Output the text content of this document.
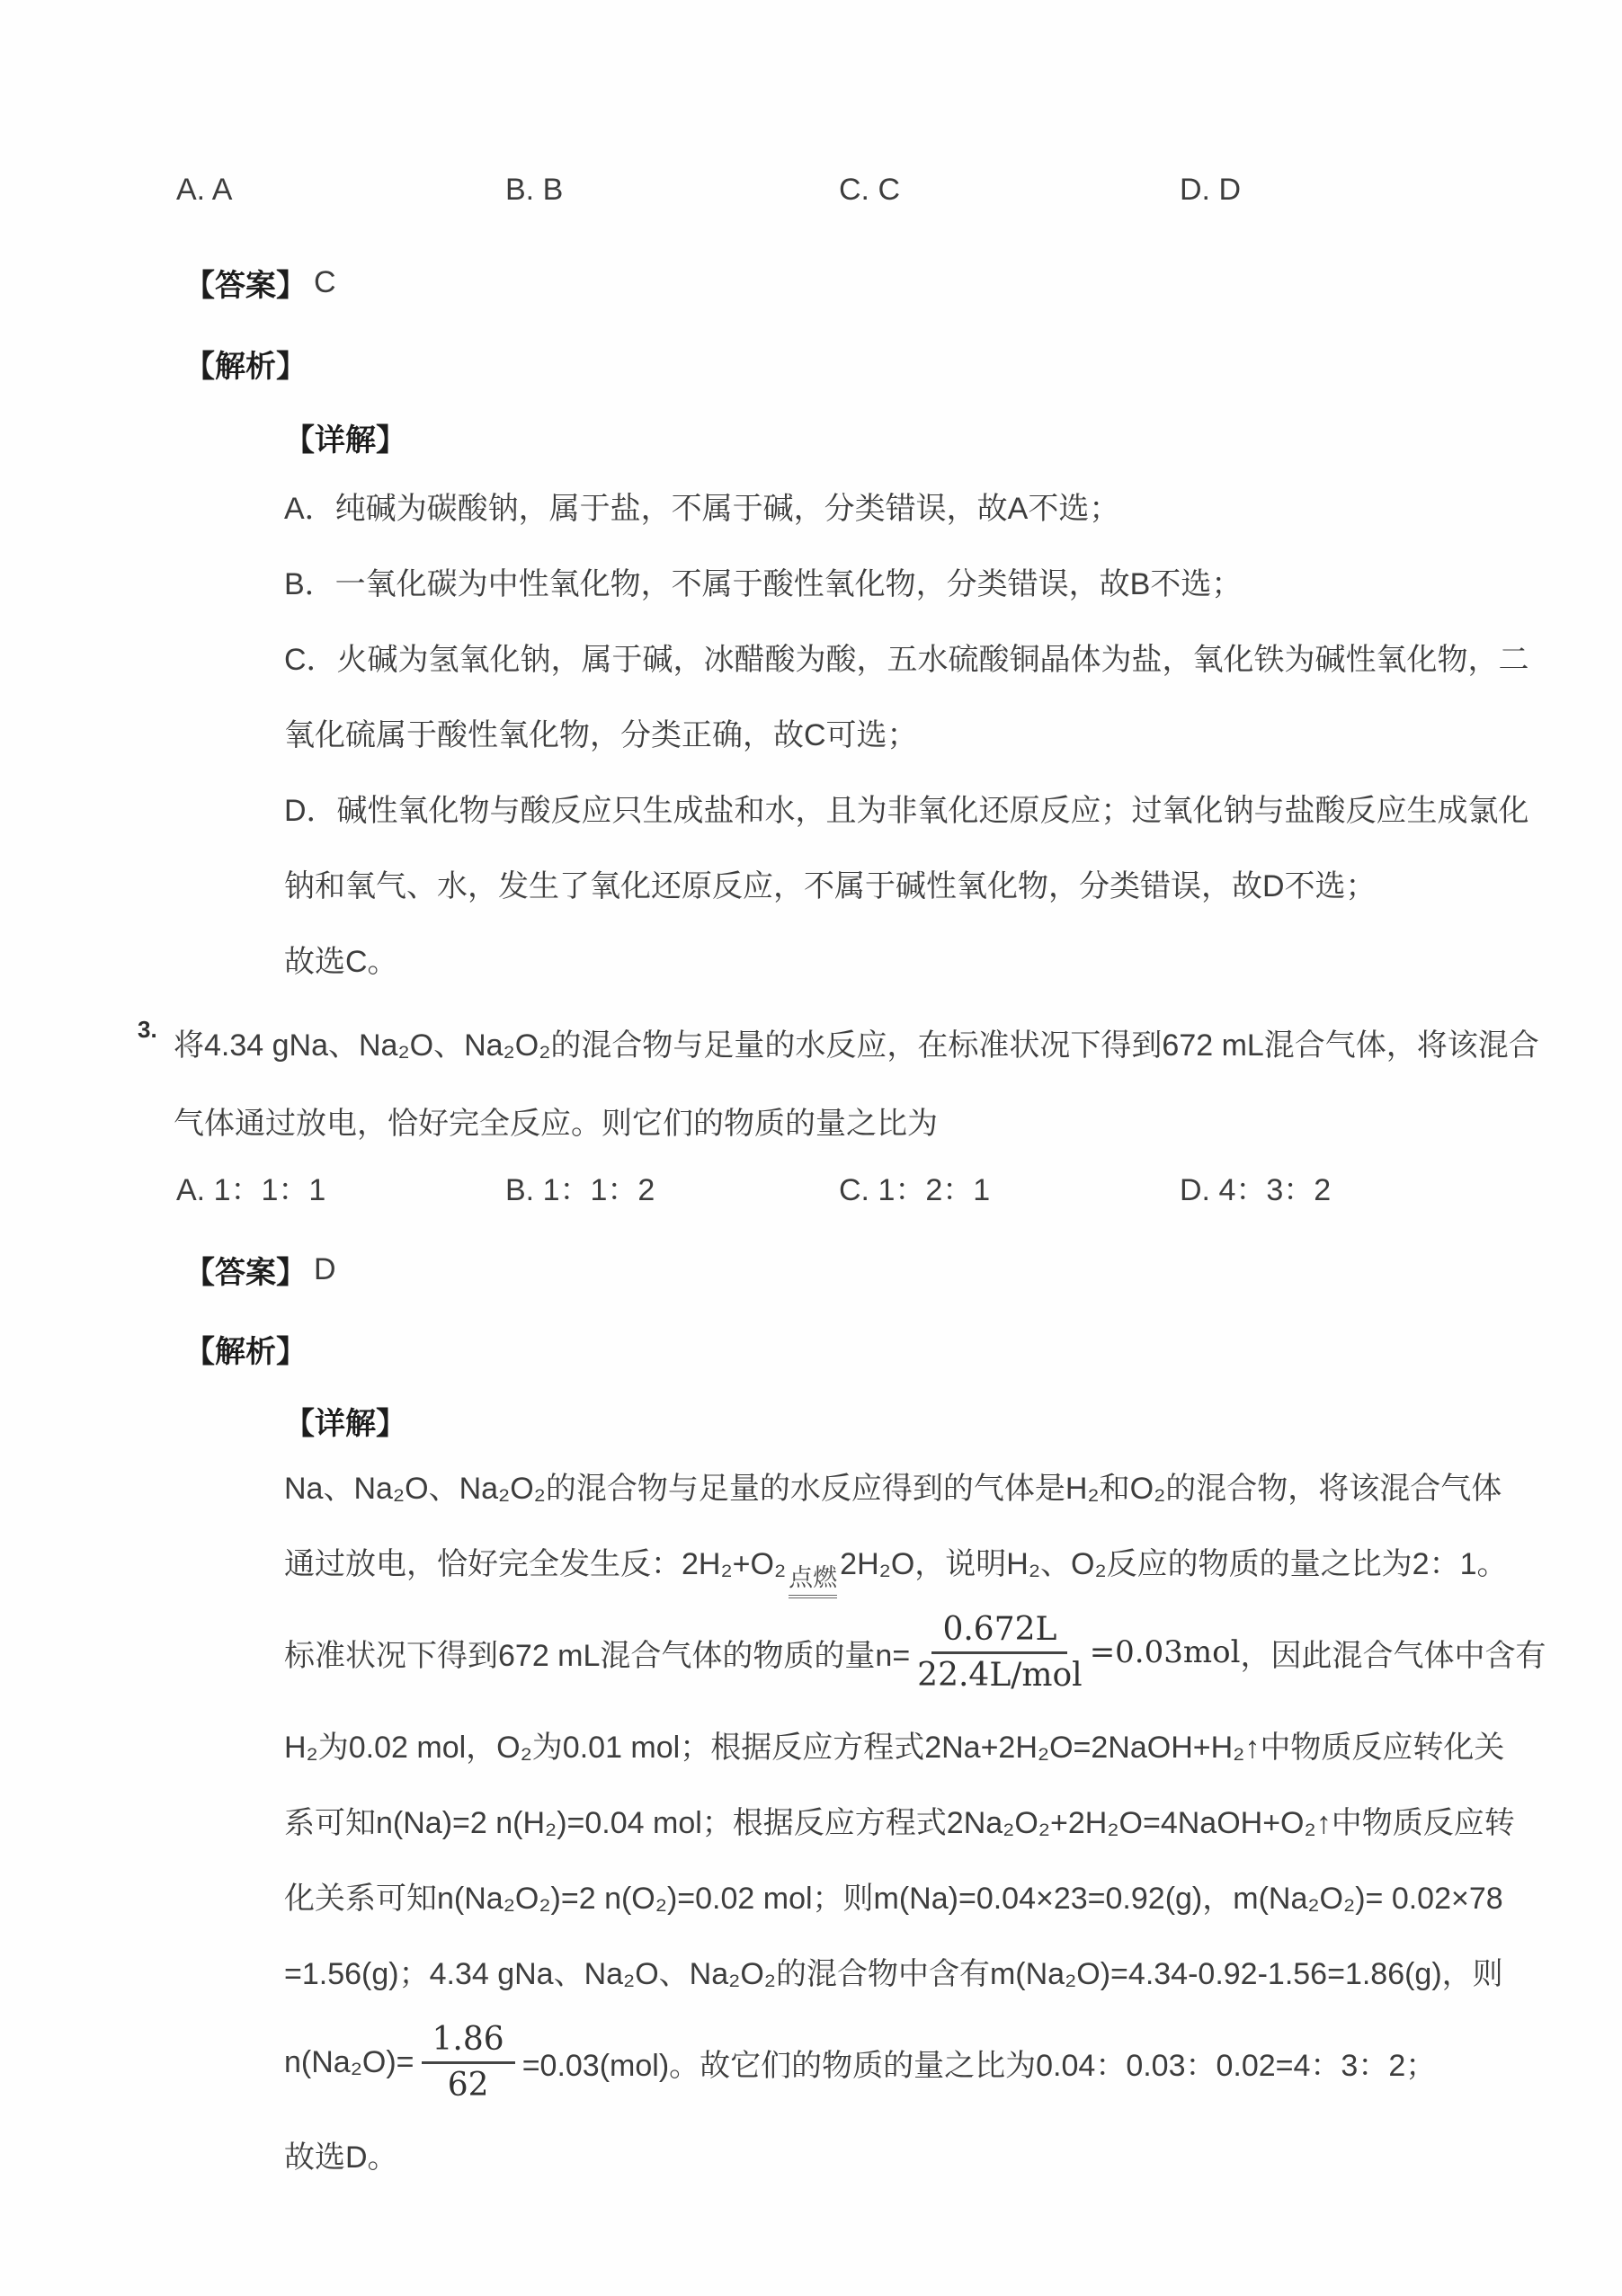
A. A	B. B	C. C	D. D
【答案】 C
【解析】
【详解】
A．纯碱为碳酸钠，属于盐，不属于碱，分类错误，故A不选；
B．一氧化碳为中性氧化物，不属于酸性氧化物，分类错误，故B不选；
C．火碱为氢氧化钠，属于碱，冰醋酸为酸，五水硫酸铜晶体为盐，氧化铁为碱性氧化物，二
氧化硫属于酸性氧化物，分类正确，故C可选；
D．碱性氧化物与酸反应只生成盐和水，且为非氧化还原反应；过氧化钠与盐酸反应生成氯化
钠和氧气、水，发生了氧化还原反应，不属于碱性氧化物，分类错误，故D不选；
故选C。
3. 将4.34 gNa、Na₂O、Na₂O₂的混合物与足量的水反应，在标准状况下得到672 mL混合气体，将该混合
气体通过放电，恰好完全反应。则它们的物质的量之比为
A. 1：1：1	B. 1：1：2	C. 1：2：1	D. 4：3：2
【答案】 D
【解析】
【详解】
Na、Na₂O、Na₂O₂的混合物与足量的水反应得到的气体是H₂和O₂的混合物，将该混合气体
通过放电，恰好完全发生反：2H₂+O₂ 点燃 2H₂O，说明H₂、O₂反应的物质的量之比为2：1。
标准状况下得到672 mL混合气体的物质的量$n= \frac{0.672L}{\text{22.4L/mol}} =0.03mol$ ，因此混合气体中含有
H₂为0.02 mol，O₂为0.01 mol；根据反应方程式2Na+2H₂O=2NaOH+H₂↑中物质反应转化关
系可知n(Na)=2 n(H₂)=0.04 mol；根据反应方程式2Na₂O₂+2H₂O=4NaOH+O₂↑中物质反应转
化关系可知n(Na₂O₂)=2 n(O₂)=0.02 mol；则m(Na)=0.04×23=0.92(g)，m(Na₂O₂)= 0.02×78
=1.56(g)；4.34 gNa、Na₂O、Na₂O₂的混合物中含有m(Na₂O)=4.34-0.92-1.56=1.86(g)，则
$n(Na_2O)= \frac{1.86}{62} =0.03(mol)$。故它们的物质的量之比为0.04：0.03：0.02=4：3：2；
故选D。
